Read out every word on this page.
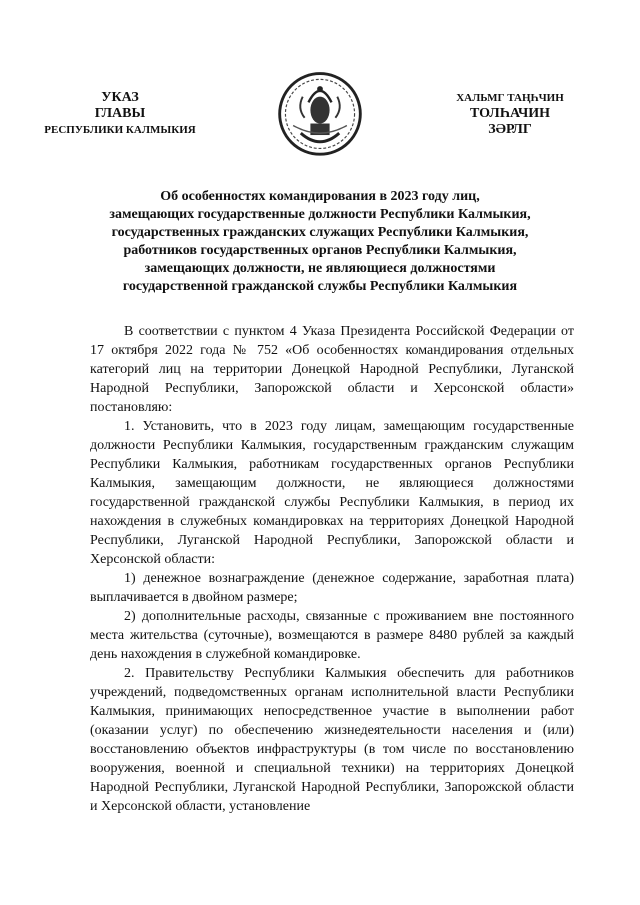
УКАЗ
ГЛАВЫ
РЕСПУБЛИКИ КАЛМЫКИЯ
ХАЛЬМГ ТАҢҺЧИН
ТОЛҺАЧИН
ЗӘРЛГ
Об особенностях командирования в 2023 году лиц,
замещающих государственные должности Республики Калмыкия,
государственных гражданских служащих Республики Калмыкия,
работников государственных органов Республики Калмыкия,
замещающих должности, не являющиеся должностями
государственной гражданской службы Республики Калмыкия

В соответствии с пунктом 4 Указа Президента Российской Федерации от 17 октября 2022 года № 752 «Об особенностях командирования отдельных категорий лиц на территории Донецкой Народной Республики, Луганской Народной Республики, Запорожской области и Херсонской области» постановляю:

1. Установить, что в 2023 году лицам, замещающим государственные должности Республики Калмыкия, государственным гражданским служащим Республики Калмыкия, работникам государственных органов Республики Калмыкия, замещающим должности, не являющиеся должностями государственной гражданской службы Республики Калмыкия, в период их нахождения в служебных командировках на территориях Донецкой Народной Республики, Луганской Народной Республики, Запорожской области и Херсонской области:

1) денежное вознаграждение (денежное содержание, заработная плата) выплачивается в двойном размере;

2) дополнительные расходы, связанные с проживанием вне постоянного места жительства (суточные), возмещаются в размере 8480 рублей за каждый день нахождения в служебной командировке.

2. Правительству Республики Калмыкия обеспечить для работников учреждений, подведомственных органам исполнительной власти Республики Калмыкия, принимающих непосредственное участие в выполнении работ (оказании услуг) по обеспечению жизнедеятельности населения и (или) восстановлению объектов инфраструктуры (в том числе по восстановлению вооружения, военной и специальной техники) на территориях Донецкой Народной Республики, Луганской Народной Республики, Запорожской области и Херсонской области, установление
